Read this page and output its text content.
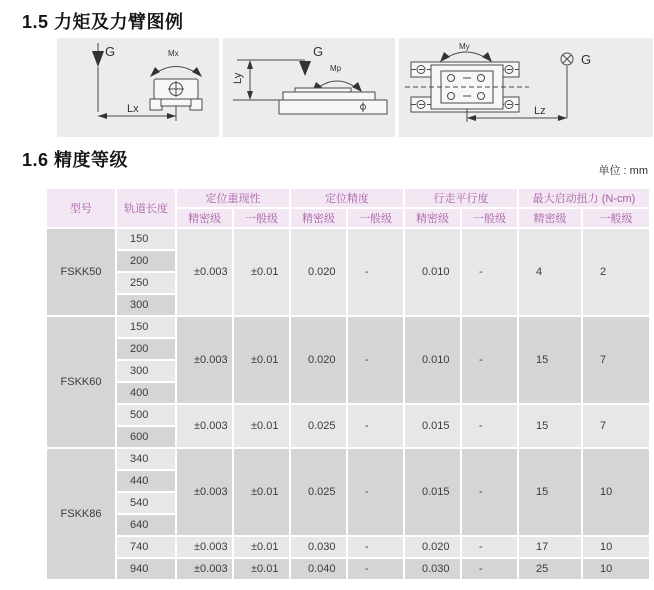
1.5 力矩及力臂图例
G
Lx
Mx
Ly
G
Mp
My
Lz
G
1.6 精度等级
单位 : mm
型号	轨道长度	定位重现性		定位精度		行走平行度		最大启动扭力 (N-cm)	
		精密级	一般级	精密级	一般级	精密级	一般级	精密级	一般级
FSKK50	150	±0.003	±0.01	0.020	-	0.010	-	4	2
	200								
	250								
	300								
FSKK60	150	±0.003	±0.01	0.020	-	0.010	-	15	7
	200								
	300								
	400								
	500	±0.003	±0.01	0.025	-	0.015	-	15	7
	600								
FSKK86	340	±0.003	±0.01	0.025	-	0.015	-	15	10
	440								
	540								
	640								
	740	±0.003	±0.01	0.030	-	0.020	-	17	10
	940	±0.003	±0.01	0.040	-	0.030	-	25	10
